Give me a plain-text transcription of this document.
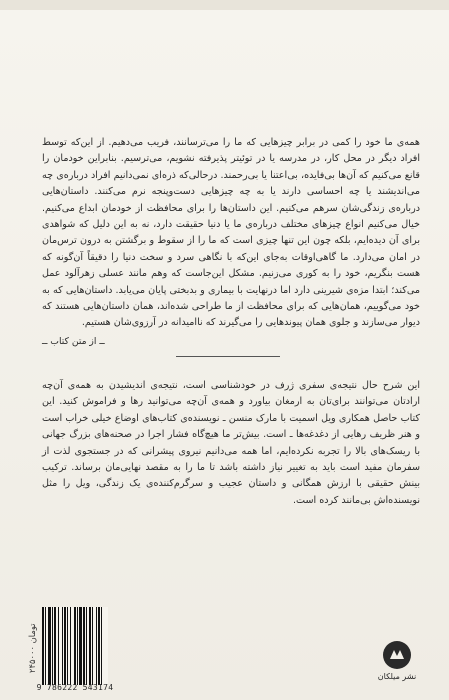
همه‌ی ما خود را کمی در برابر چیزهایی که ما را می‌ترسانند، فریب می‌دهیم. از این‌که توسط افراد دیگر در محل کار، در مدرسه یا در توئیتر پذیرفته نشویم، می‌ترسیم. بنابراین خودمان را قانع می‌کنیم که آن‌ها بی‌فایده، بی‌اعتنا یا بی‌رحمند. درحالی‌که ذره‌ای نمی‌دانیم افراد درباره‌ی چه می‌اندیشند یا چه احساسی دارند یا به چه چیزهایی دست‌وپنجه نرم می‌کنند. داستان‌هایی درباره‌ی زندگی‌شان سرهم می‌کنیم. این داستان‌ها را برای محافظت از خودمان ابداع می‌کنیم. خیال می‌کنیم انواع چیزهای مختلف درباره‌ی ما یا دنیا حقیقت دارد، نه به این دلیل که شواهدی برای آن دیده‌ایم، بلکه چون این تنها چیزی است که ما را از سقوط و برگشتن به درون ترس‌مان در امان می‌دارد. ما گاهی‌اوقات به‌جای این‌که با نگاهی سرد و سخت دنیا را دقیقاً آن‌گونه که هست بنگریم، خود را به کوری می‌زنیم. مشکل این‌جاست که وهم مانند عسلی زهرآلود عمل می‌کند؛ ابتدا مزه‌ی شیرینی دارد اما درنهایت با بیماری و بدبختی پایان می‌یابد. داستان‌هایی که به خود می‌گوییم، همان‌هایی که برای محافظت از ما طراحی شده‌اند، همان داستان‌هایی هستند که دیوار می‌سازند و جلوی همان پیوندهایی را می‌گیرند که ناامیدانه در آرزوی‌شان هستیم.

ــ از متن کتاب ــ

این شرح حال نتیجه‌ی سفری ژرف در خودشناسی است، نتیجه‌ی اندیشیدن به همه‌ی آن‌چه ارادتان می‌توانند برای‌تان به ارمغان بیاورد و همه‌ی آن‌چه می‌توانید رها و فراموش کنید. این کتاب حاصل همکاری ویل اسمیت با مارک منسن ـ نویسنده‌ی کتاب‌های اوضاع خیلی خراب است و هنر ظریف رهایی از دغدغه‌ها ـ است. بیش‌تر ما هیچ‌گاه فشار اجرا در صحنه‌های بزرگ جهانی با ریسک‌های بالا را تجربه نکرده‌ایم، اما همه می‌دانیم نیروی پیشرانی که در جستجوی لذت از سفرمان مفید است باید به تغییر نیاز داشته باشد تا ما را به مقصد نهایی‌مان برساند. ترکیب بینش حقیقی با ارزش همگانی و داستان عجیب و سرگرم‌کننده‌ی یک زندگی، ویل را مثل نویسنده‌اش بی‌مانند کرده است.

۲۴۵۰۰۰ تومان
9 786222 543174
نشر میلکان
